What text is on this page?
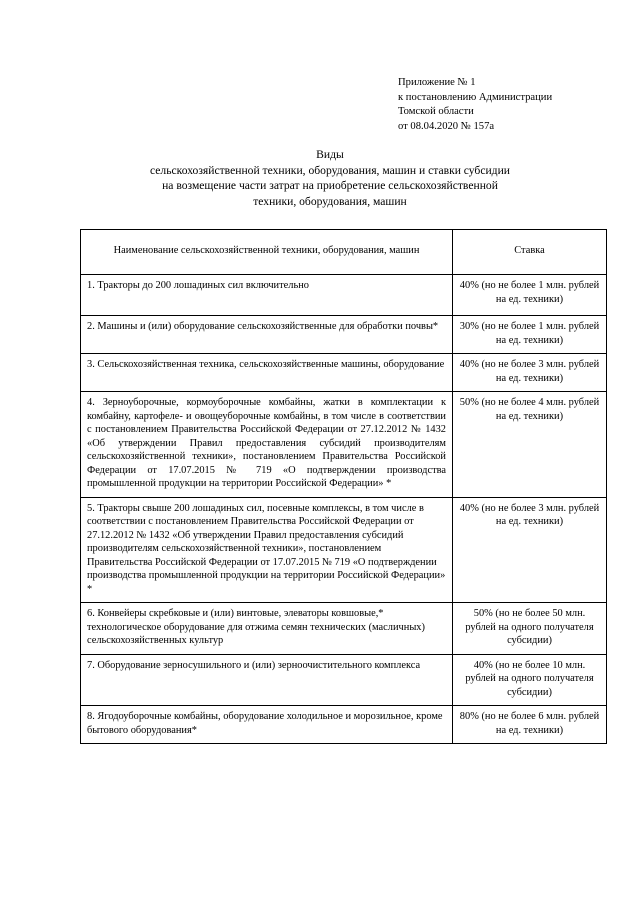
Приложение № 1
к постановлению Администрации
Томской области
от 08.04.2020 № 157а
Виды
сельскохозяйственной техники, оборудования, машин и ставки субсидии
на возмещение части затрат на приобретение сельскохозяйственной
техники, оборудования, машин
Наименование сельскохозяйственной техники, оборудования, машин	Ставка
1. Тракторы до 200 лошадиных сил включительно	40% (но не более 1 млн. рублей на ед. техники)
2. Машины и (или) оборудование сельскохозяйственные для обработки почвы*	30% (но не более 1 млн. рублей на ед. техники)
3. Сельскохозяйственная техника, сельскохозяйственные машины, оборудование	40% (но не более 3 млн. рублей на ед. техники)
4. Зерноуборочные, кормоуборочные комбайны, жатки в комплектации к комбайну, картофеле- и овощеуборочные комбайны, в том числе в соответствии с постановлением Правительства Российской Федерации от 27.12.2012 № 1432 «Об утверждении Правил предоставления субсидий производителям сельскохозяйственной техники», постановлением Правительства Российской Федерации от 17.07.2015 № 719 «О подтверждении производства промышленной продукции на территории Российской Федерации» *	50% (но не более 4 млн. рублей на ед. техники)
5. Тракторы свыше 200 лошадиных сил, посевные комплексы, в том числе в соответствии с постановлением Правительства Российской Федерации от 27.12.2012 № 1432 «Об утверждении Правил предоставления субсидий производителям сельскохозяйственной техники», постановлением Правительства Российской Федерации от 17.07.2015 № 719 «О подтверждении производства промышленной продукции на территории Российской Федерации» *	40% (но не более 3 млн. рублей на ед. техники)
6. Конвейеры скребковые и (или) винтовые, элеваторы ковшовые,* технологическое оборудование для отжима семян технических (масличных) сельскохозяйственных культур	50% (но не более 50 млн. рублей на одного получателя субсидии)
7. Оборудование зерносушильного и (или) зерноочистительного комплекса	40% (но не более 10 млн. рублей на одного получателя субсидии)
8. Ягодоуборочные комбайны, оборудование холодильное и морозильное, кроме бытового оборудования*	80% (но не более 6 млн. рублей на ед. техники)
